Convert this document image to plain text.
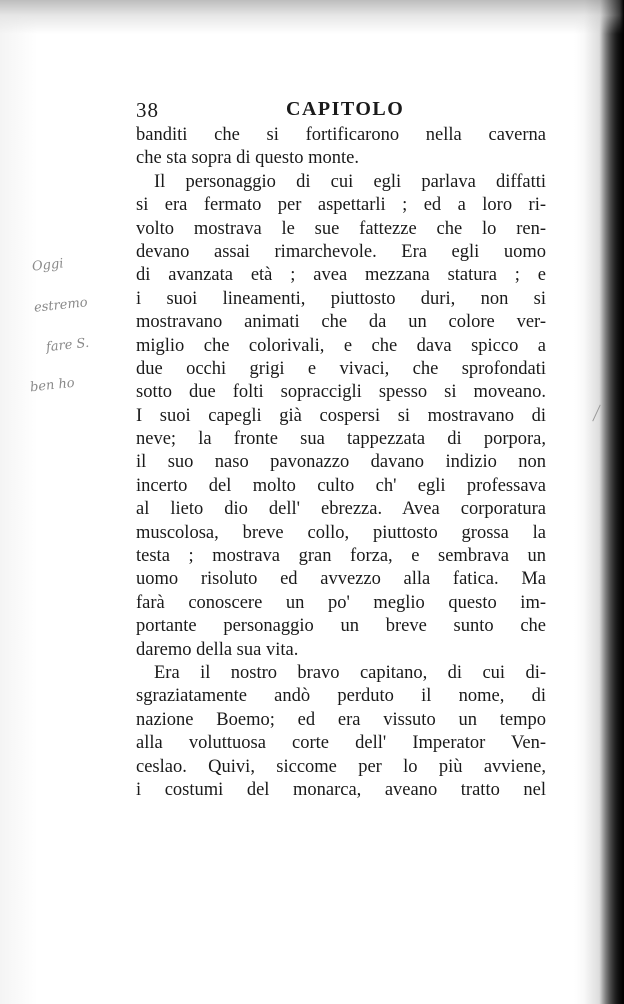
38	CAPITOLO
Oggi
estremo
fare S.
ben ho
banditi che si fortificarono nella caverna
che sta sopra di questo monte.
Il personaggio di cui egli parlava diffatti
si era fermato per aspettarli ; ed a loro ri-
volto mostrava le sue fattezze che lo ren-
devano assai rimarchevole. Era egli uomo
di avanzata età ; avea mezzana statura ; e
i suoi lineamenti, piuttosto duri, non si
mostravano animati che da un colore ver-
miglio che colorivali, e che dava spicco a
due occhi grigi e vivaci, che sprofondati
sotto due folti sopraccigli spesso si moveano.
I suoi capegli già cospersi si mostravano di
neve; la fronte sua tappezzata di porpora,
il suo naso pavonazzo davano indizio non
incerto del molto culto ch' egli professava
al lieto dio dell' ebrezza. Avea corporatura
muscolosa, breve collo, piuttosto grossa la
testa ; mostrava gran forza, e sembrava un
uomo risoluto ed avvezzo alla fatica. Ma
farà conoscere un po' meglio questo im-
portante personaggio un breve sunto che
daremo della sua vita.
Era il nostro bravo capitano, di cui di-
sgraziatamente andò perduto il nome, di
nazione Boemo; ed era vissuto un tempo
alla voluttuosa corte dell' Imperator Ven-
ceslao. Quivi, siccome per lo più avviene,
i costumi del monarca, aveano tratto nel
